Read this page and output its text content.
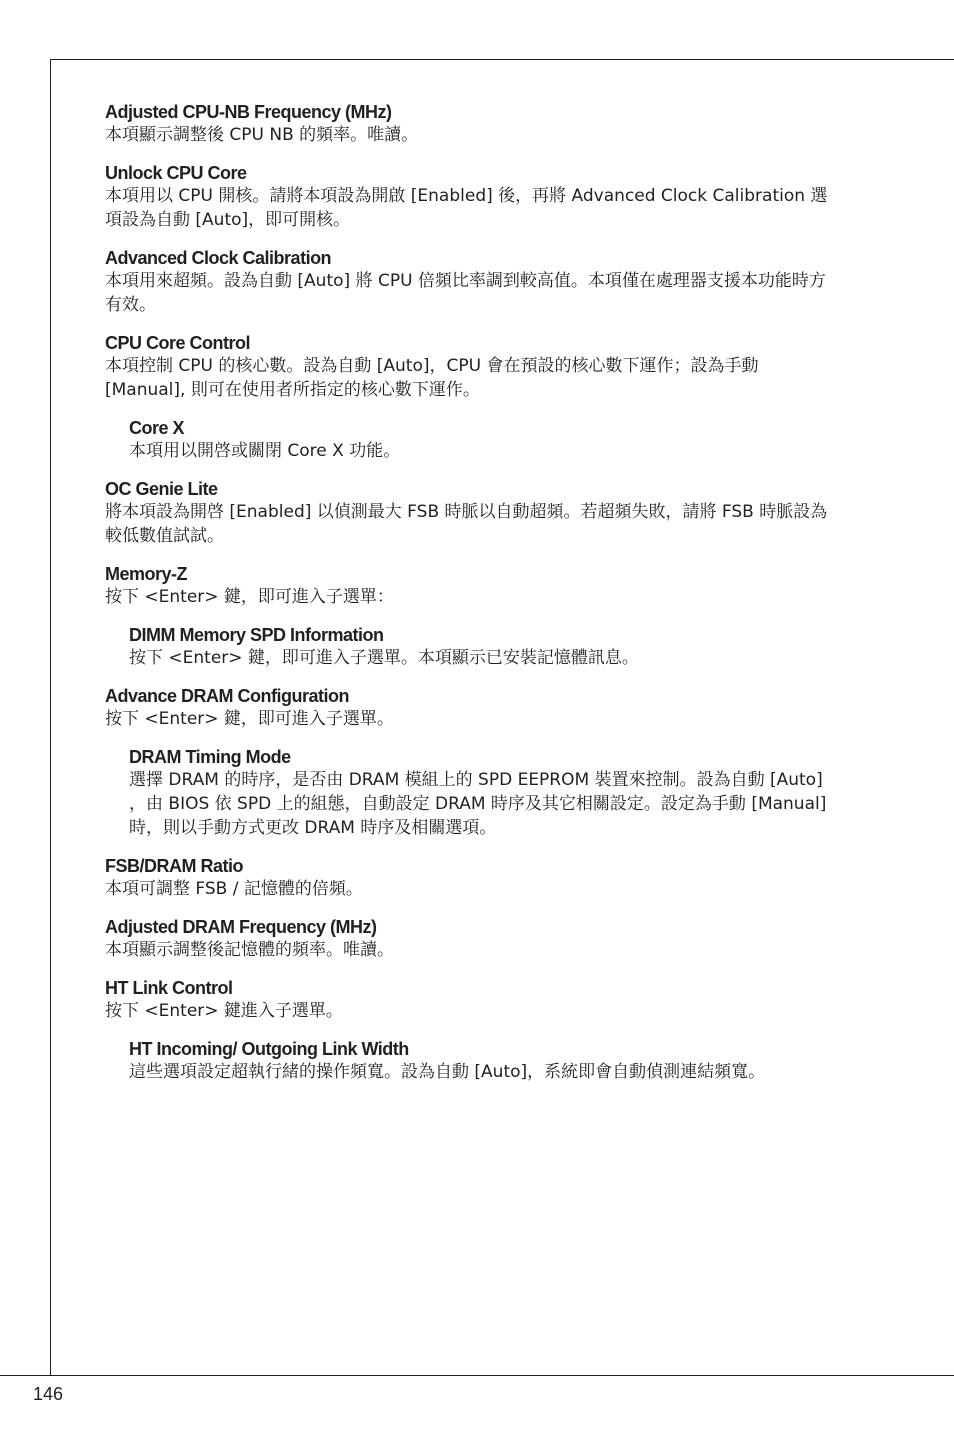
Adjusted CPU-NB Frequency (MHz)

本項顯示調整後 CPU NB 的頻率。唯讀。

Unlock CPU Core

本項用以 CPU 開核。請將本項設為開啟 [Enabled] 後，再將 Advanced Clock Calibration 選項設為自動 [Auto]，即可開核。

Advanced Clock Calibration

本項用來超頻。設為自動 [Auto] 將 CPU 倍頻比率調到較高值。本項僅在處理器支援本功能時方有效。

CPU Core Control

本項控制 CPU 的核心數。設為自動 [Auto]，CPU 會在預設的核心數下運作；設為手動 [Manual], 則可在使用者所指定的核心數下運作。

Core X

本項用以開啓或關閉 Core X 功能。

OC Genie Lite

將本項設為開啓 [Enabled] 以偵測最大 FSB 時脈以自動超頻。若超頻失敗，請將 FSB 時脈設為較低數值試試。

Memory-Z

按下 <Enter> 鍵，即可進入子選單：

DIMM Memory SPD Information

按下 <Enter> 鍵，即可進入子選單。本項顯示已安裝記憶體訊息。

Advance DRAM Configuration

按下 <Enter> 鍵，即可進入子選單。

DRAM Timing Mode

選擇 DRAM 的時序，是否由 DRAM 模組上的 SPD EEPROM 裝置來控制。設為自動 [Auto] ，由 BIOS 依 SPD 上的組態，自動設定 DRAM 時序及其它相關設定。設定為手動 [Manual] 時，則以手動方式更改 DRAM 時序及相關選項。

FSB/DRAM Ratio

本項可調整 FSB / 記憶體的倍頻。

Adjusted DRAM Frequency (MHz)

本項顯示調整後記憶體的頻率。唯讀。

HT Link Control

按下 <Enter> 鍵進入子選單。

HT Incoming/ Outgoing Link Width

這些選項設定超執行緒的操作頻寬。設為自動 [Auto]，系統即會自動偵測連結頻寬。

146
